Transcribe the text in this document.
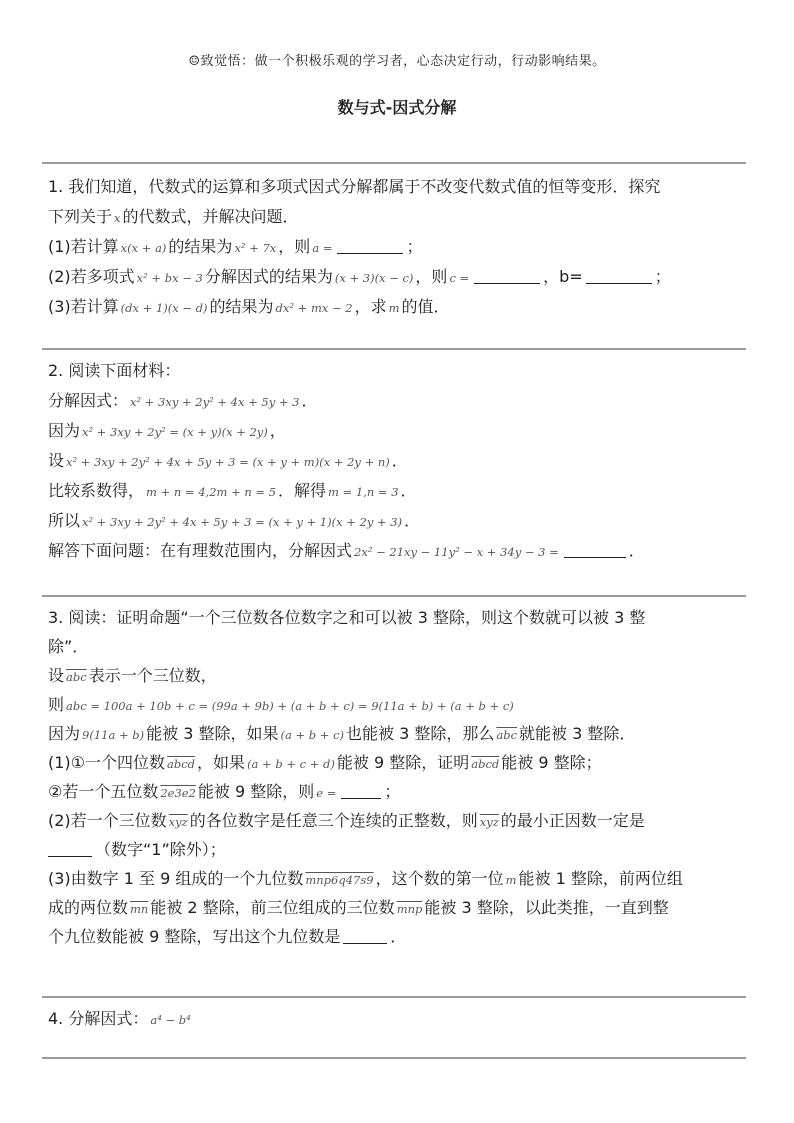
☺致觉悟：做一个积极乐观的学习者，心态决定行动，行动影响结果。
数与式-因式分解
1. 我们知道，代数式的运算和多项式因式分解都属于不改变代数式值的恒等变形．探究
下列关于 x 的代数式，并解决问题．
(1)若计算 x(x + a) 的结果为 x² + 7x ，则 a =	；
(2)若多项式 x² + bx − 3 分解因式的结果为 (x + 3)(x − c) ，则 c =	，b=	；
(3)若计算 (dx + 1)(x − d) 的结果为 dx² + mx − 2 ，求 m 的值．
2. 阅读下面材料：
分解因式： x² + 3xy + 2y² + 4x + 5y + 3 ．
因为 x² + 3xy + 2y² = (x + y)(x + 2y) ，
设 x² + 3xy + 2y² + 4x + 5y + 3 = (x + y + m)(x + 2y + n) ．
比较系数得， m + n = 4,2m + n = 5 ．解得 m = 1,n = 3 ．
所以 x² + 3xy + 2y² + 4x + 5y + 3 = (x + y + 1)(x + 2y + 3) ．
解答下面问题：在有理数范围内，分解因式 2x² − 21xy − 11y² − x + 34y − 3 =	．
3. 阅读：证明命题“一个三位数各位数字之和可以被 3 整除，则这个数就可以被 3 整
除”．
设 $\overline{abc}$ 表示一个三位数，
则 abc = 100a + 10b + c = (99a + 9b) + (a + b + c) = 9(11a + b) + (a + b + c)
因为 9(11a + b) 能被 3 整除，如果 (a + b + c) 也能被 3 整除，那么 $\overline{abc}$ 就能被 3 整除．
(1)①一个四位数 abcd ，如果 (a + b + c + d) 能被 9 整除，证明 abcd 能被 9 整除；
②若一个五位数 2e3e2 能被 9 整除，则 e =	；
(2)若一个三位数 $\overline{xyz}$ 的各位数字是任意三个连续的正整数，则 $\overline{xyz}$ 的最小正因数一定是
（数字“1”除外）；
(3)由数字 1 至 9 组成的一个九位数 mnp6q47s9 ，这个数的第一位 m 能被 1 整除，前两位组
成的两位数 $\overline{mn}$ 能被 2 整除，前三位组成的三位数 $\overline{mnp}$ 能被 3 整除，以此类推，一直到整
个九位数能被 9 整除，写出这个九位数是	．
4. 分解因式： a⁴ − b⁴
